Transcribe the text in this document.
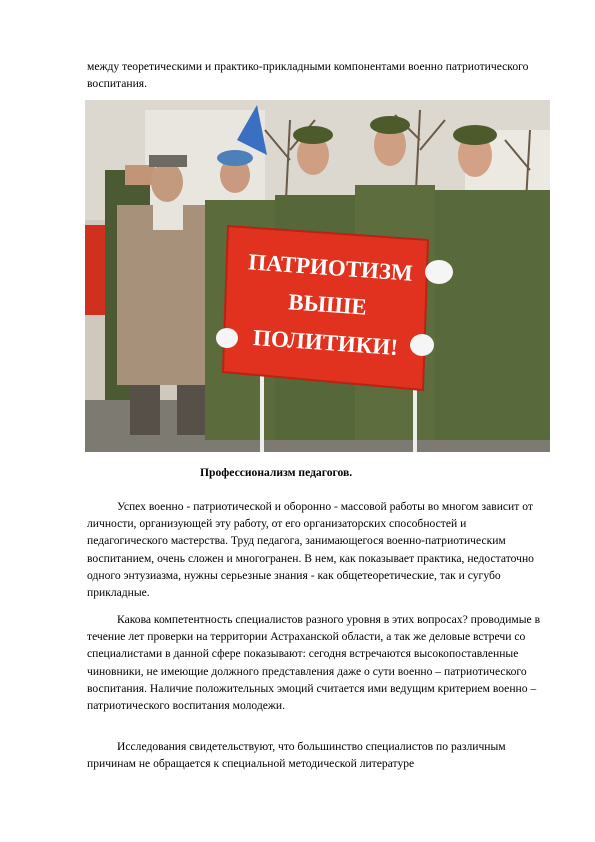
между теоретическими и практико-прикладными компонентами военно патриотического воспитания.

ПАТРИОТИЗМ
ВЫШЕ
ПОЛИТИКИ!

Профессионализм педагогов.

Успех военно - патриотической и оборонно - массовой работы во многом зависит от личности, организующей эту работу, от его организаторских способностей и педагогического мастерства. Труд педагога, занимающегося военно-патриотическим воспитанием, очень сложен и многогранен. В нем, как показывает практика, недостаточно одного энтузиазма, нужны серьезные знания - как общетеоретические, так и сугубо прикладные.

Какова компетентность специалистов разного уровня в этих вопросах? проводимые в течение лет проверки на территории Астраханской области, а так же деловые встречи со специалистами в данной сфере показывают: сегодня встречаются высокопоставленные чиновники, не имеющие должного представления даже о сути военно – патриотического воспитания. Наличие положительных эмоций считается ими ведущим критерием военно – патриотического воспитания молодежи.

Исследования свидетельствуют, что большинство специалистов по различным причинам не обращается к специальной методической литературе
